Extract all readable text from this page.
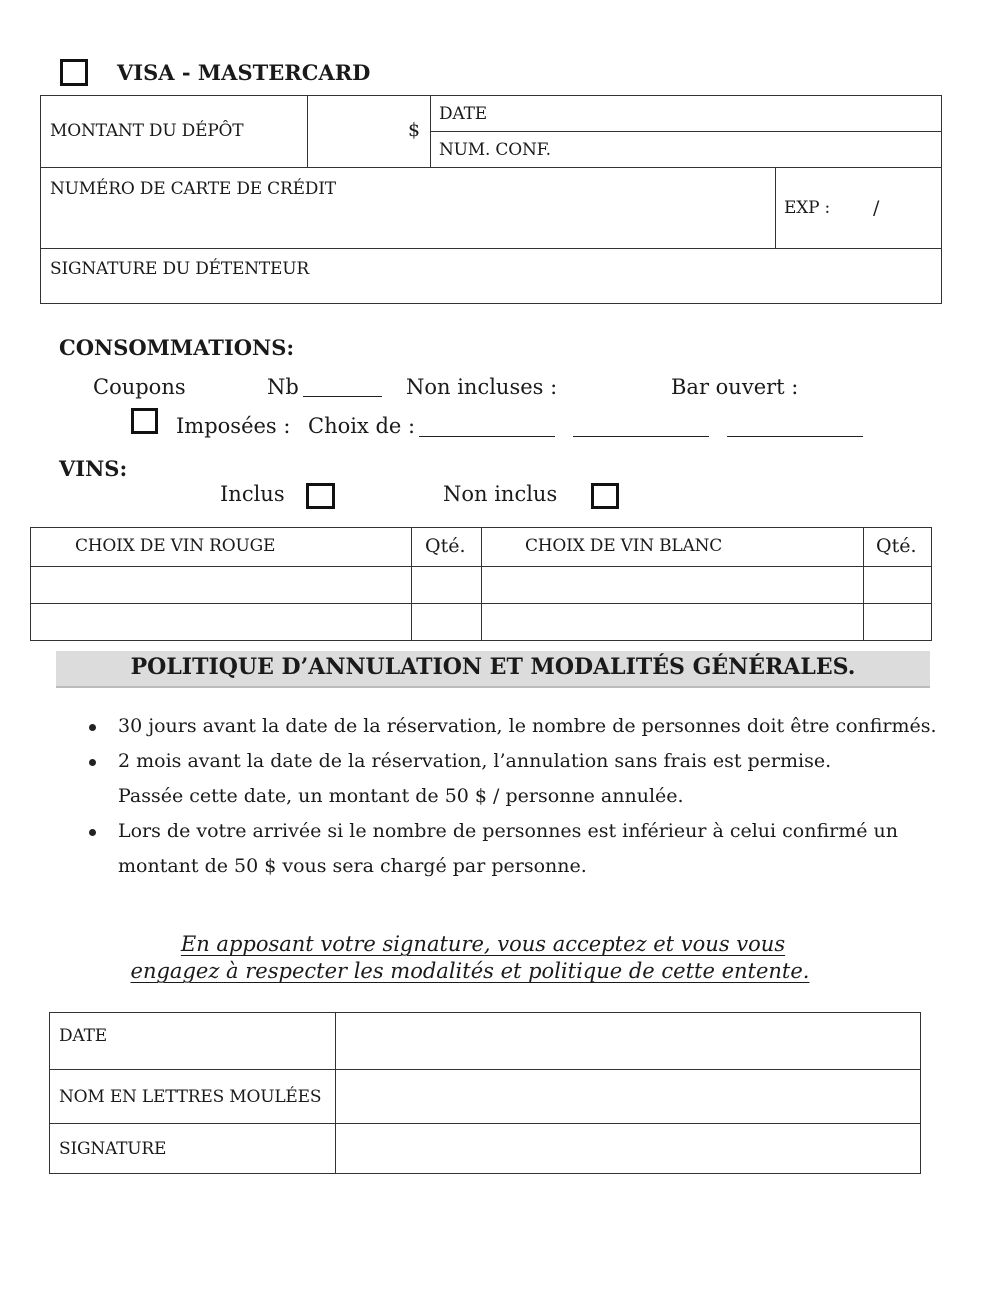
VISA - MASTERCARD
MONTANT DU DÉPÔT	$
DATE
NUM. CONF.
NUMÉRO DE CARTE DE CRÉDIT
EXP : /
SIGNATURE DU DÉTENTEUR
CONSOMMATIONS:
Coupons	Nb	Non incluses :	Bar ouvert :
Imposées : Choix de :
VINS:
Inclus	Non inclus
CHOIX DE VIN ROUGE	Qté.	CHOIX DE VIN BLANC	Qté.
POLITIQUE D’ANNULATION ET MODALITÉS GÉNÉRALES.
30 jours avant la date de la réservation, le nombre de personnes doit être confirmés.
2 mois avant la date de la réservation, l’annulation sans frais est permise.
Passée cette date, un montant de 50 $ / personne annulée.
Lors de votre arrivée si le nombre de personnes est inférieur à celui confirmé un
montant de 50 $ vous sera chargé par personne.
En apposant votre signature, vous acceptez et vous vous
engagez à respecter les modalités et politique de cette entente.
DATE
NOM EN LETTRES MOULÉES
SIGNATURE
